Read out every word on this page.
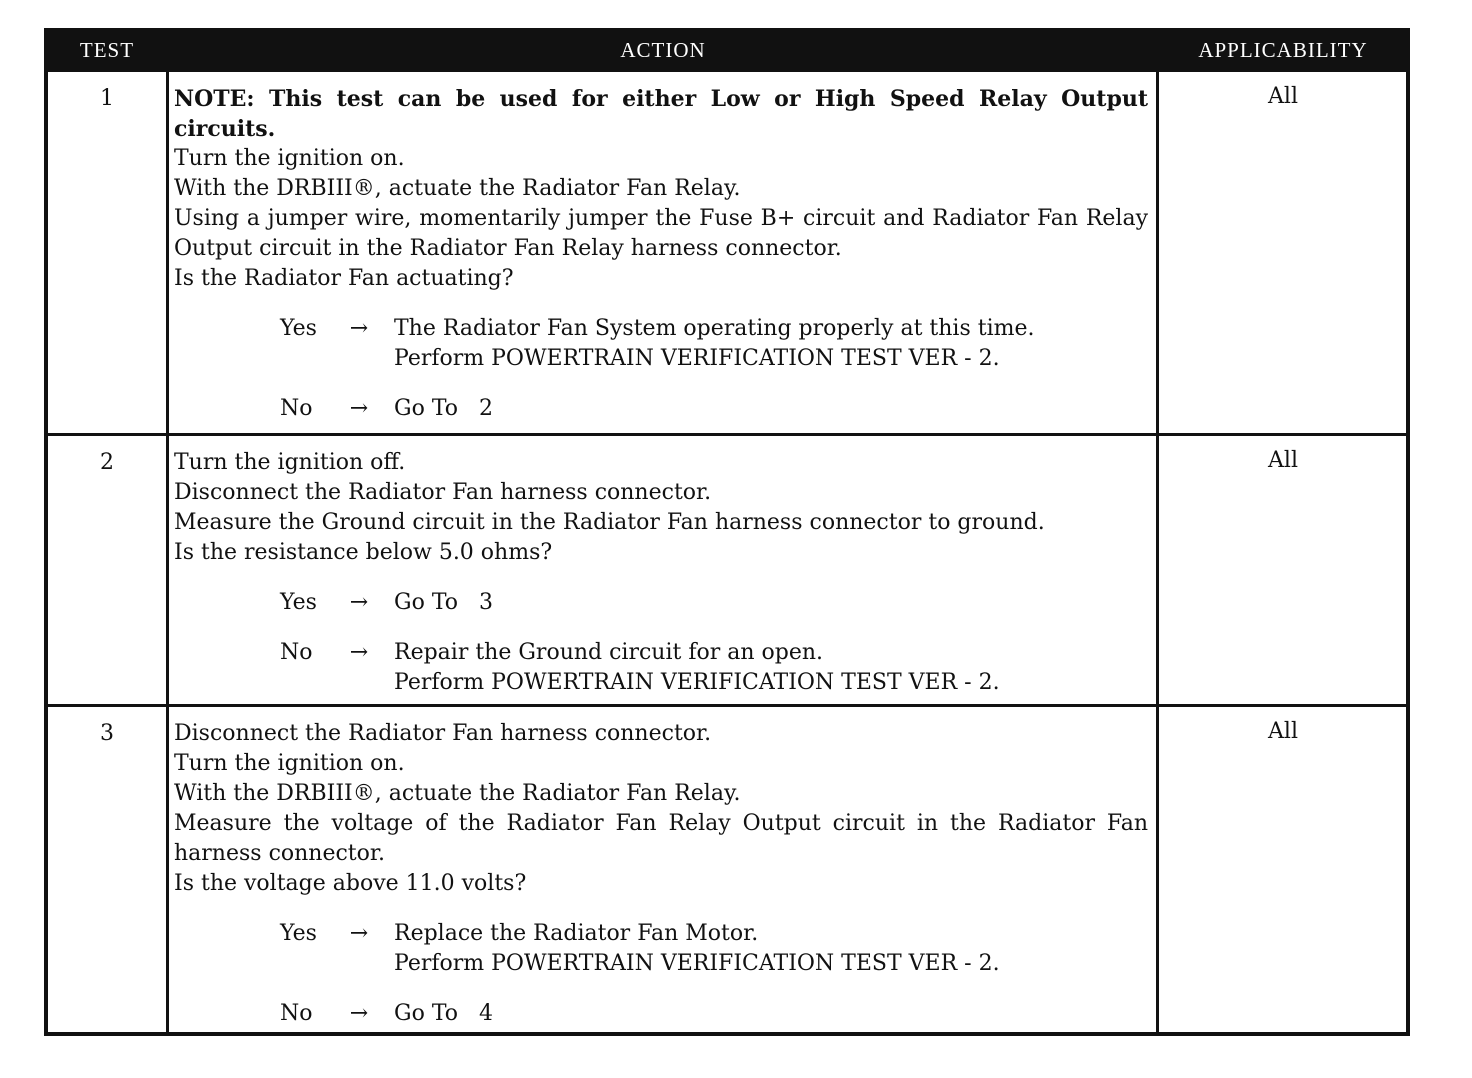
TEST	ACTION	APPLICABILITY
1	NOTE: This test can be used for either Low or High Speed Relay Output circuits.
Turn the ignition on.
With the DRBIII®, actuate the Radiator Fan Relay.
Using a jumper wire, momentarily jumper the Fuse B+ circuit and Radiator Fan Relay Output circuit in the Radiator Fan Relay harness connector.
Is the Radiator Fan actuating?
Yes	→ The Radiator Fan System operating properly at this time.
Perform POWERTRAIN VERIFICATION TEST VER - 2.
No	→ Go To   2
All
2	Turn the ignition off.
Disconnect the Radiator Fan harness connector.
Measure the Ground circuit in the Radiator Fan harness connector to ground.
Is the resistance below 5.0 ohms?
Yes	→ Go To   3
No	→ Repair the Ground circuit for an open.
Perform POWERTRAIN VERIFICATION TEST VER - 2.
All
3	Disconnect the Radiator Fan harness connector.
Turn the ignition on.
With the DRBIII®, actuate the Radiator Fan Relay.
Measure the voltage of the Radiator Fan Relay Output circuit in the Radiator Fan harness connector.
Is the voltage above 11.0 volts?
Yes	→ Replace the Radiator Fan Motor.
Perform POWERTRAIN VERIFICATION TEST VER - 2.
No	→ Go To   4
All
